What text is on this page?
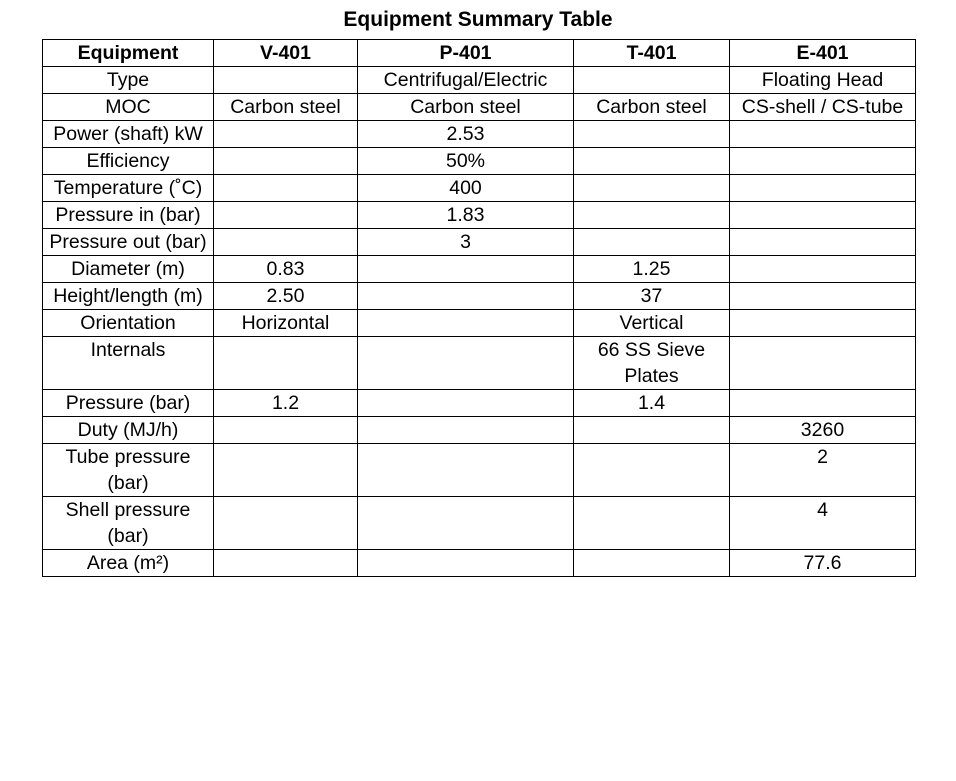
Equipment Summary Table
Equipment	V-401	P-401	T-401	E-401
Type		Centrifugal/Electric		Floating Head
MOC	Carbon steel	Carbon steel	Carbon steel	CS-shell / CS-tube
Power (shaft) kW		2.53		
Efficiency		50%		
Temperature (˚C)		400		
Pressure in (bar)		1.83		
Pressure out (bar)		3		
Diameter (m)	0.83		1.25	
Height/length (m)	2.50		37	
Orientation	Horizontal		Vertical	
Internals			66 SS Sieve Plates	
Pressure (bar)	1.2		1.4	
Duty (MJ/h)				3260
Tube pressure (bar)				2
Shell pressure (bar)				4
Area (m²)				77.6
